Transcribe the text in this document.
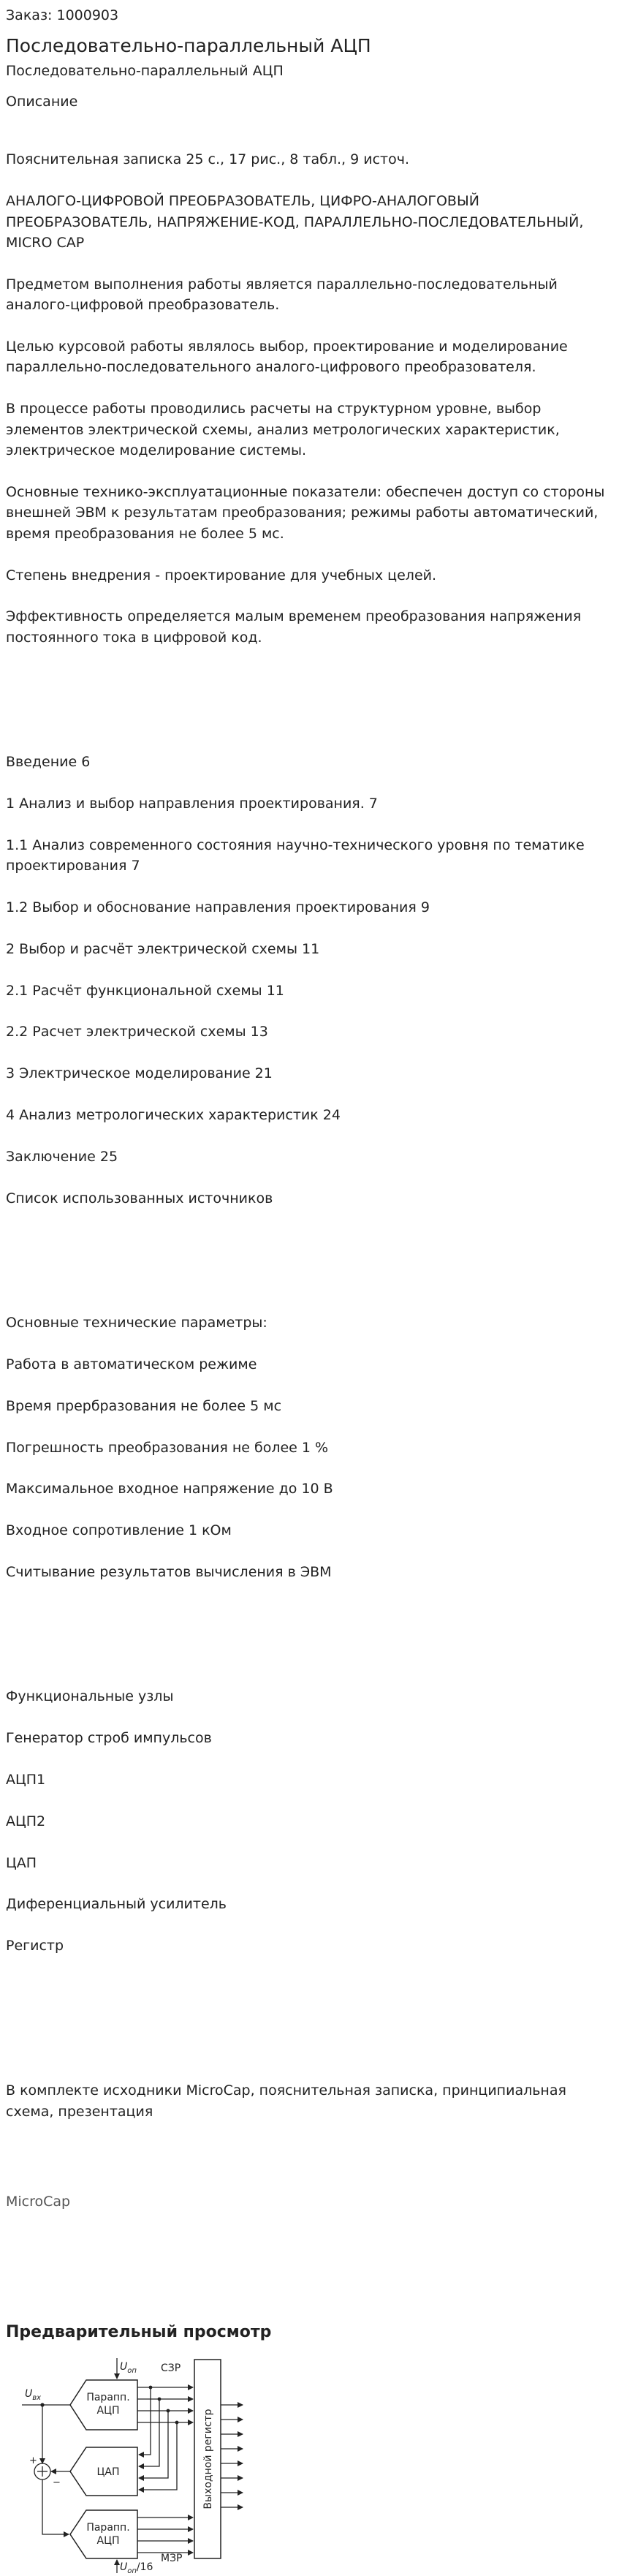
Заказ: 1000903
Последовательно-параллельный АЦП
Последовательно-параллельный АЦП
Описание

Пояснительная записка 25 с., 17 рис., 8 табл., 9 источ.

АНАЛОГО-ЦИФРОВОЙ ПРЕОБРАЗОВАТЕЛЬ, ЦИФРО-АНАЛОГОВЫЙ ПРЕОБРАЗОВАТЕЛЬ, НАПРЯЖЕНИЕ-КОД, ПАРАЛЛЕЛЬНО-ПОСЛЕДОВАТЕЛЬНЫЙ, MICRO CAP

Предметом выполнения работы является параллельно-последовательный аналого-цифровой преобразователь.

Целью курсовой работы являлось выбор, проектирование и моделирование параллельно-последовательного аналого-цифрового преобразователя.

В процессе работы проводились расчеты на структурном уровне, выбор элементов электрической схемы, анализ метрологических характеристик, электрическое моделирование системы.

Основные технико-эксплуатационные показатели: обеспечен доступ со стороны внешней ЭВМ к результатам преобразования; режимы работы автоматический, время преобразования не более 5 мс.

Степень внедрения - проектирование для учебных целей.

Эффективность определяется малым временем преобразования напряжения постоянного тока в цифровой код.

Введение 6

1 Анализ и выбор направления проектирования. 7

1.1 Анализ современного состояния научно-технического уровня по тематике проектирования 7

1.2 Выбор и обоснование направления проектирования 9

2 Выбор и расчёт электрической схемы 11

2.1 Расчёт функциональной схемы 11

2.2 Расчет электрической схемы 13

3 Электрическое моделирование 21

4 Анализ метрологических характеристик 24

Заключение 25

Список использованных источников

Основные технические параметры:

Работа в автоматическом режиме

Время прербразования не более 5 мс

Погрешность преобразования не более 1 %

Максимальное входное напряжение до 10 В

Входное сопротивление 1 кОм

Считывание результатов вычисления в ЭВМ

Функциональные узлы

Генератор строб импульсов

АЦП1

АЦП2

ЦАП

Диференциальный усилитель

Регистр

В комплекте исходники MicroCap, пояснительная записка, принципиальная схема, презентация

MicroCap
Предварительный просмотр
Выходной регистр
Парапп.
АЦП
ЦАП
Парапп.
АЦП
$U_{вх}$
+
−
$U_{оп}$ СЗР
$U_{оп}/16$
МЗР
